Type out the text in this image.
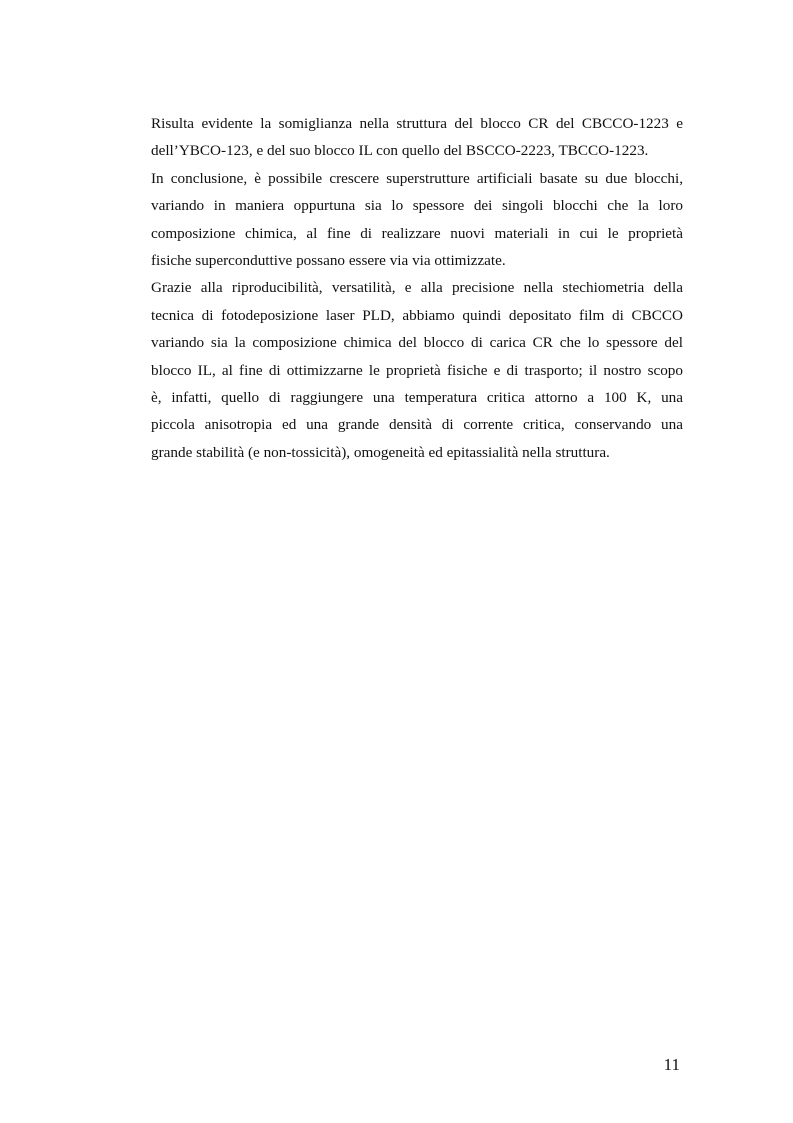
Risulta evidente la somiglianza nella struttura del blocco CR del CBCCO-1223 e
dell’YBCO-123, e del suo blocco IL con quello del BSCCO-2223, TBCCO-1223.
In conclusione, è possibile crescere superstrutture artificiali basate su due blocchi,
variando in maniera oppurtuna sia lo spessore dei singoli blocchi che la loro
composizione chimica, al fine di realizzare nuovi materiali in cui le proprietà
fisiche superconduttive possano essere via via ottimizzate.
Grazie alla riproducibilità, versatilità, e alla precisione nella stechiometria della
tecnica di fotodeposizione laser PLD, abbiamo quindi depositato film di CBCCO
variando sia la composizione chimica del blocco di carica CR che lo spessore del
blocco IL, al fine di ottimizzarne le proprietà fisiche e di trasporto; il nostro scopo
è, infatti, quello di raggiungere una temperatura critica attorno a 100 K, una
piccola anisotropia ed una grande densità di corrente critica, conservando una
grande stabilità (e non-tossicità), omogeneità ed epitassialità nella struttura.
11
